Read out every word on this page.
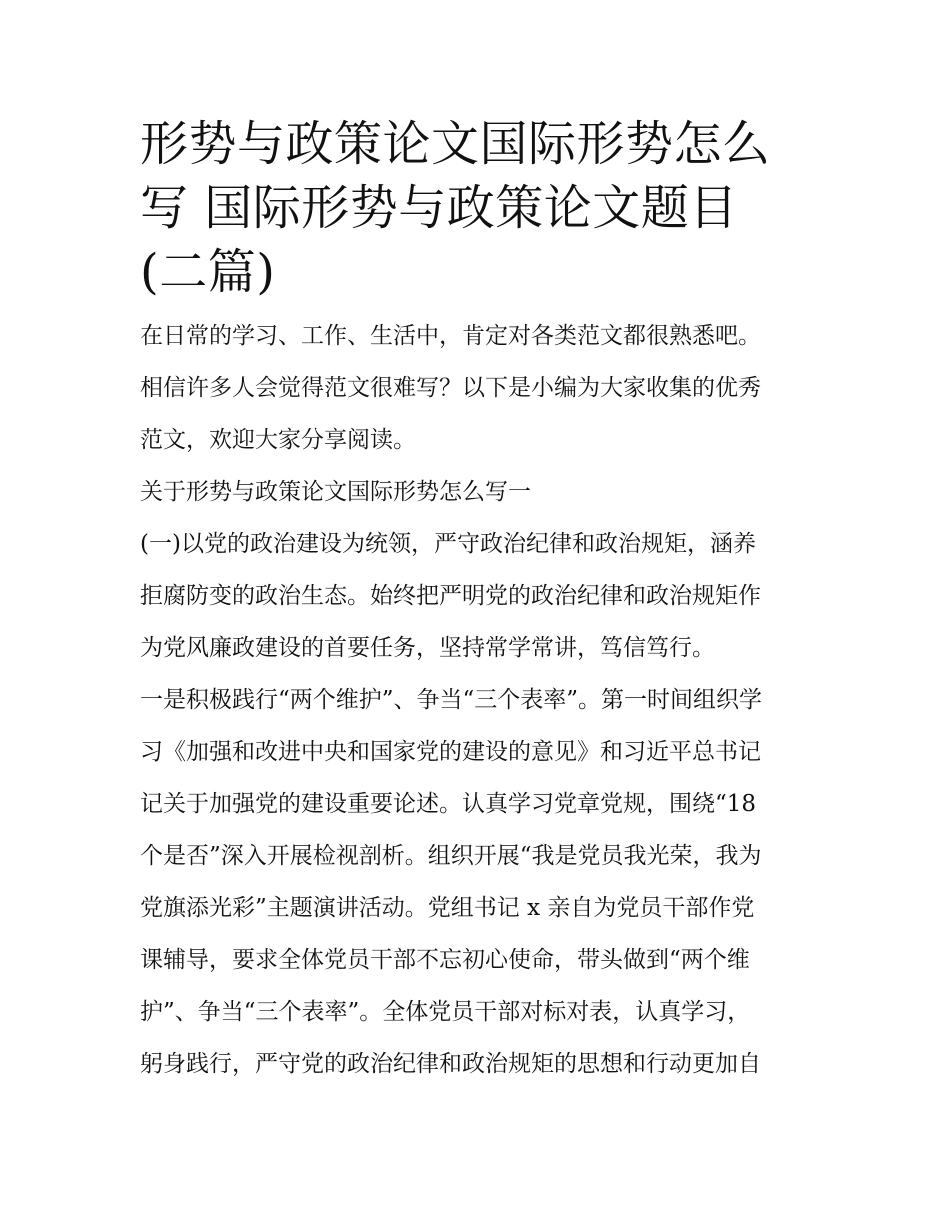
形势与政策论文国际形势怎么
写 国际形势与政策论文题目
(二篇)

在日常的学习、工作、生活中，肯定对各类范文都很熟悉吧。
相信许多人会觉得范文很难写？以下是小编为大家收集的优秀
范文，欢迎大家分享阅读。

关于形势与政策论文国际形势怎么写一

(一)以党的政治建设为统领，严守政治纪律和政治规矩，涵养
拒腐防变的政治生态。始终把严明党的政治纪律和政治规矩作
为党风廉政建设的首要任务，坚持常学常讲，笃信笃行。

一是积极践行“两个维护”、争当“三个表率”。第一时间组织学
习《加强和改进中央和国家党的建设的意见》和习近平总书记
记关于加强党的建设重要论述。认真学习党章党规，围绕“18
个是否”深入开展检视剖析。组织开展“我是党员我光荣，我为
党旗添光彩”主题演讲活动。党组书记 x 亲自为党员干部作党
课辅导，要求全体党员干部不忘初心使命，带头做到“两个维
护”、争当“三个表率”。全体党员干部对标对表，认真学习，
躬身践行，严守党的政治纪律和政治规矩的思想和行动更加自
